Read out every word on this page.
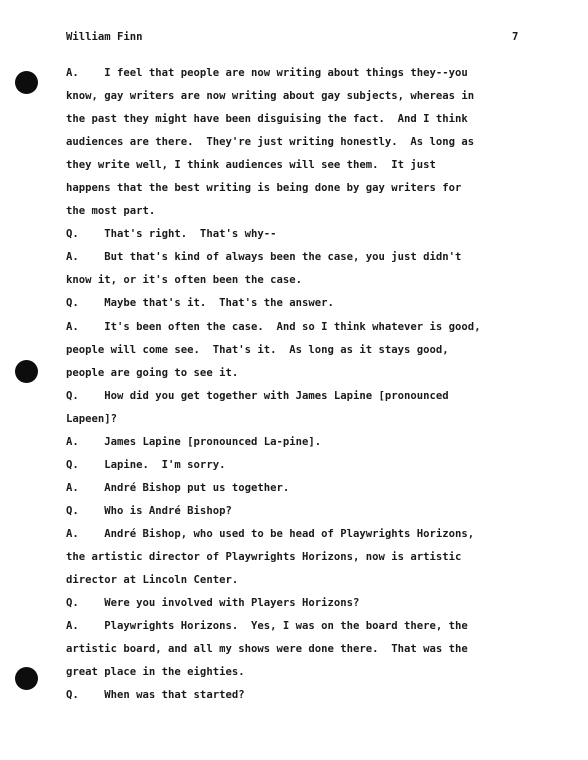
William Finn	7
A.    I feel that people are now writing about things they--you
know, gay writers are now writing about gay subjects, whereas in
the past they might have been disguising the fact.  And I think
audiences are there.  They're just writing honestly.  As long as
they write well, I think audiences will see them.  It just
happens that the best writing is being done by gay writers for
the most part.
Q.    That's right.  That's why--
A.    But that's kind of always been the case, you just didn't
know it, or it's often been the case.
Q.    Maybe that's it.  That's the answer.
A.    It's been often the case.  And so I think whatever is good,
people will come see.  That's it.  As long as it stays good,
people are going to see it.
Q.    How did you get together with James Lapine [pronounced
Lapeen]?
A.    James Lapine [pronounced La-pine].
Q.    Lapine.  I'm sorry.
A.    André Bishop put us together.
Q.    Who is André Bishop?
A.    André Bishop, who used to be head of Playwrights Horizons,
the artistic director of Playwrights Horizons, now is artistic
director at Lincoln Center.
Q.    Were you involved with Players Horizons?
A.    Playwrights Horizons.  Yes, I was on the board there, the
artistic board, and all my shows were done there.  That was the
great place in the eighties.
Q.    When was that started?
